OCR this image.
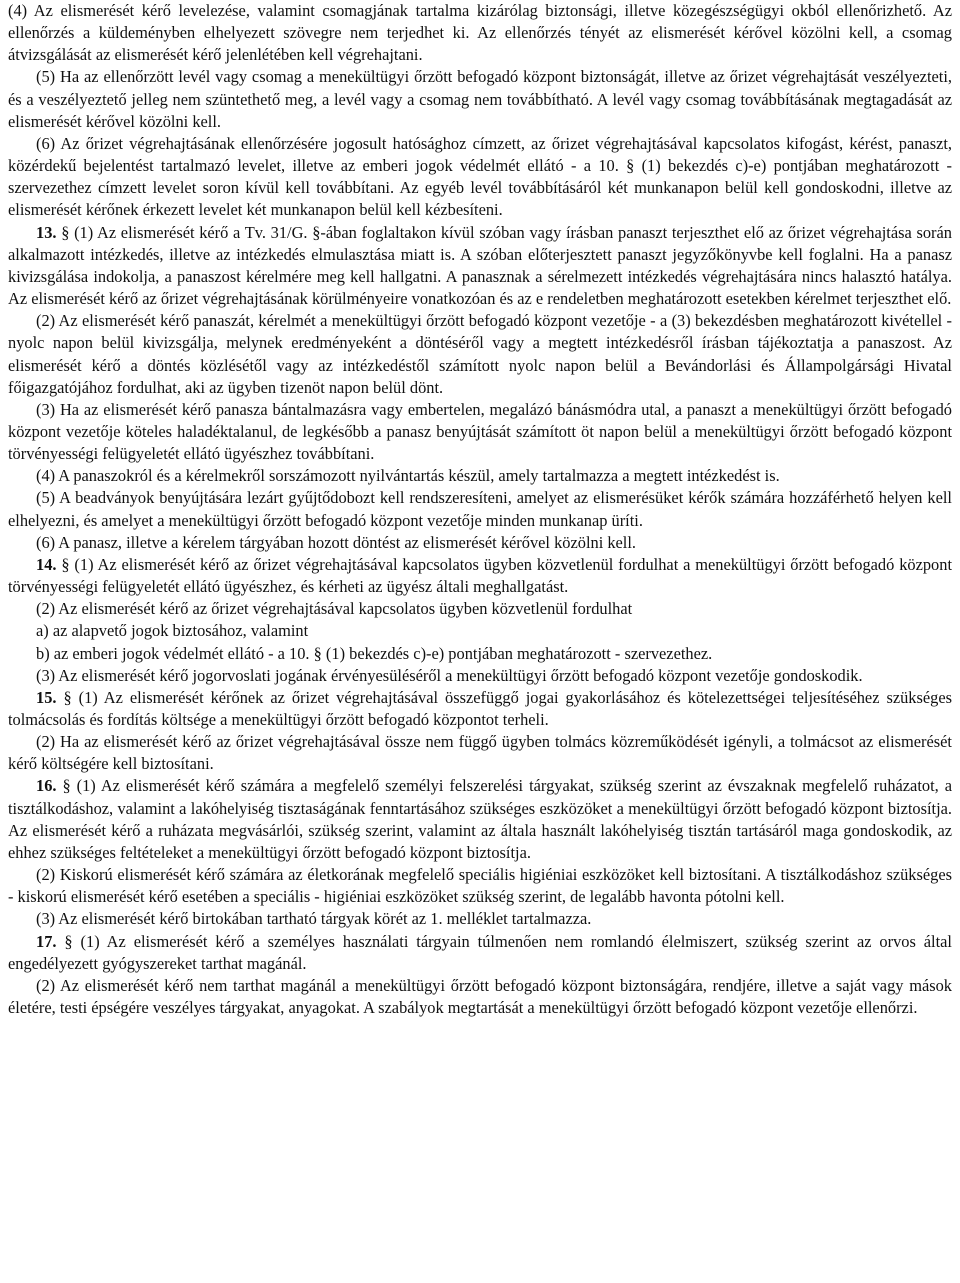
(4) Az elismerését kérő levelezése, valamint csomagjának tartalma kizárólag biztonsági, illetve közegészségügyi okból ellenőrizhető. Az ellenőrzés a küldeményben elhelyezett szövegre nem terjedhet ki. Az ellenőrzés tényét az elismerését kérővel közölni kell, a csomag átvizsgálását az elismerését kérő jelenlétében kell végrehajtani.

(5) Ha az ellenőrzött levél vagy csomag a menekültügyi őrzött befogadó központ biztonságát, illetve az őrizet végrehajtását veszélyezteti, és a veszélyeztető jelleg nem szüntethető meg, a levél vagy a csomag nem továbbítható. A levél vagy csomag továbbításának megtagadását az elismerését kérővel közölni kell.

(6) Az őrizet végrehajtásának ellenőrzésére jogosult hatósághoz címzett, az őrizet végrehajtásával kapcsolatos kifogást, kérést, panaszt, közérdekű bejelentést tartalmazó levelet, illetve az emberi jogok védelmét ellátó - a 10. § (1) bekezdés c)-e) pontjában meghatározott - szervezethez címzett levelet soron kívül kell továbbítani. Az egyéb levél továbbításáról két munkanapon belül kell gondoskodni, illetve az elismerését kérőnek érkezett levelet két munkanapon belül kell kézbesíteni.

13. § (1) Az elismerését kérő a Tv. 31/G. §-ában foglaltakon kívül szóban vagy írásban panaszt terjeszthet elő az őrizet végrehajtása során alkalmazott intézkedés, illetve az intézkedés elmulasztása miatt is. A szóban előterjesztett panaszt jegyzőkönyvbe kell foglalni. Ha a panasz kivizsgálása indokolja, a panaszost kérelmére meg kell hallgatni. A panasznak a sérelmezett intézkedés végrehajtására nincs halasztó hatálya. Az elismerését kérő az őrizet végrehajtásának körülményeire vonatkozóan és az e rendeletben meghatározott esetekben kérelmet terjeszthet elő.

(2) Az elismerését kérő panaszát, kérelmét a menekültügyi őrzött befogadó központ vezetője - a (3) bekezdésben meghatározott kivétellel - nyolc napon belül kivizsgálja, melynek eredményeként a döntéséről vagy a megtett intézkedésről írásban tájékoztatja a panaszost. Az elismerését kérő a döntés közlésétől vagy az intézkedéstől számított nyolc napon belül a Bevándorlási és Állampolgársági Hivatal főigazgatójához fordulhat, aki az ügyben tizenöt napon belül dönt.

(3) Ha az elismerését kérő panasza bántalmazásra vagy embertelen, megalázó bánásmódra utal, a panaszt a menekültügyi őrzött befogadó központ vezetője köteles haladéktalanul, de legkésőbb a panasz benyújtását számított öt napon belül a menekültügyi őrzött befogadó központ törvényességi felügyeletét ellátó ügyészhez továbbítani.

(4) A panaszokról és a kérelmekről sorszámozott nyilvántartás készül, amely tartalmazza a megtett intézkedést is.

(5) A beadványok benyújtására lezárt gyűjtődobozt kell rendszeresíteni, amelyet az elismerésüket kérők számára hozzáférhető helyen kell elhelyezni, és amelyet a menekültügyi őrzött befogadó központ vezetője minden munkanap üríti.

(6) A panasz, illetve a kérelem tárgyában hozott döntést az elismerését kérővel közölni kell.

14. § (1) Az elismerését kérő az őrizet végrehajtásával kapcsolatos ügyben közvetlenül fordulhat a menekültügyi őrzött befogadó központ törvényességi felügyeletét ellátó ügyészhez, és kérheti az ügyész általi meghallgatást.

(2) Az elismerését kérő az őrizet végrehajtásával kapcsolatos ügyben közvetlenül fordulhat

a) az alapvető jogok biztosához, valamint

b) az emberi jogok védelmét ellátó - a 10. § (1) bekezdés c)-e) pontjában meghatározott - szervezethez.

(3) Az elismerését kérő jogorvoslati jogának érvényesüléséről a menekültügyi őrzött befogadó központ vezetője gondoskodik.

15. § (1) Az elismerését kérőnek az őrizet végrehajtásával összefüggő jogai gyakorlásához és kötelezettségei teljesítéséhez szükséges tolmácsolás és fordítás költsége a menekültügyi őrzött befogadó központot terheli.

(2) Ha az elismerését kérő az őrizet végrehajtásával össze nem függő ügyben tolmács közreműködését igényli, a tolmácsot az elismerését kérő költségére kell biztosítani.

16. § (1) Az elismerését kérő számára a megfelelő személyi felszerelési tárgyakat, szükség szerint az évszaknak megfelelő ruházatot, a tisztálkodáshoz, valamint a lakóhelyiség tisztaságának fenntartásához szükséges eszközöket a menekültügyi őrzött befogadó központ biztosítja. Az elismerését kérő a ruházata megvásárlói, szükség szerint, valamint az általa használt lakóhelyiség tisztán tartásáról maga gondoskodik, az ehhez szükséges feltételeket a menekültügyi őrzött befogadó központ biztosítja.

(2) Kiskorú elismerését kérő számára az életkorának megfelelő speciális higiéniai eszközöket kell biztosítani. A tisztálkodáshoz szükséges - kiskorú elismerését kérő esetében a speciális - higiéniai eszközöket szükség szerint, de legalább havonta pótolni kell.

(3) Az elismerését kérő birtokában tartható tárgyak körét az 1. melléklet tartalmazza.

17. § (1) Az elismerését kérő a személyes használati tárgyain túlmenően nem romlandó élelmiszert, szükség szerint az orvos által engedélyezett gyógyszereket tarthat magánál.

(2) Az elismerését kérő nem tarthat magánál a menekültügyi őrzött befogadó központ biztonságára, rendjére, illetve a saját vagy mások életére, testi épségére veszélyes tárgyakat, anyagokat. A szabályok megtartását a menekültügyi őrzött befogadó központ vezetője ellenőrzi.
